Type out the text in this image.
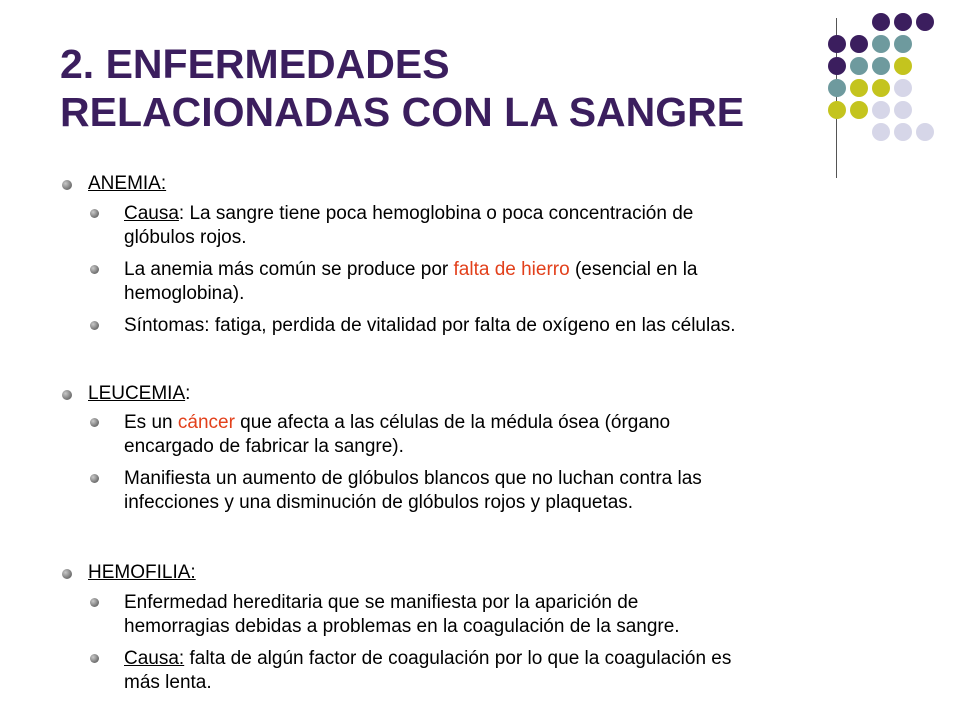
2. ENFERMEDADES
RELACIONADAS CON LA SANGRE
ANEMIA:
Causa: La sangre tiene poca hemoglobina o poca concentración de
glóbulos rojos.
La anemia más común se produce por falta de hierro (esencial en la
hemoglobina).
Síntomas: fatiga, perdida de vitalidad por falta de oxígeno en las células.
LEUCEMIA:
Es un cáncer que afecta a las células de la médula ósea (órgano
encargado de fabricar la sangre).
Manifiesta un aumento de glóbulos blancos que no luchan contra las
infecciones y una disminución de glóbulos rojos y plaquetas.
HEMOFILIA:
Enfermedad hereditaria que se manifiesta por la aparición de
hemorragias debidas a problemas en la coagulación de la sangre.
Causa: falta de algún factor de coagulación por lo que la coagulación es
más lenta.
